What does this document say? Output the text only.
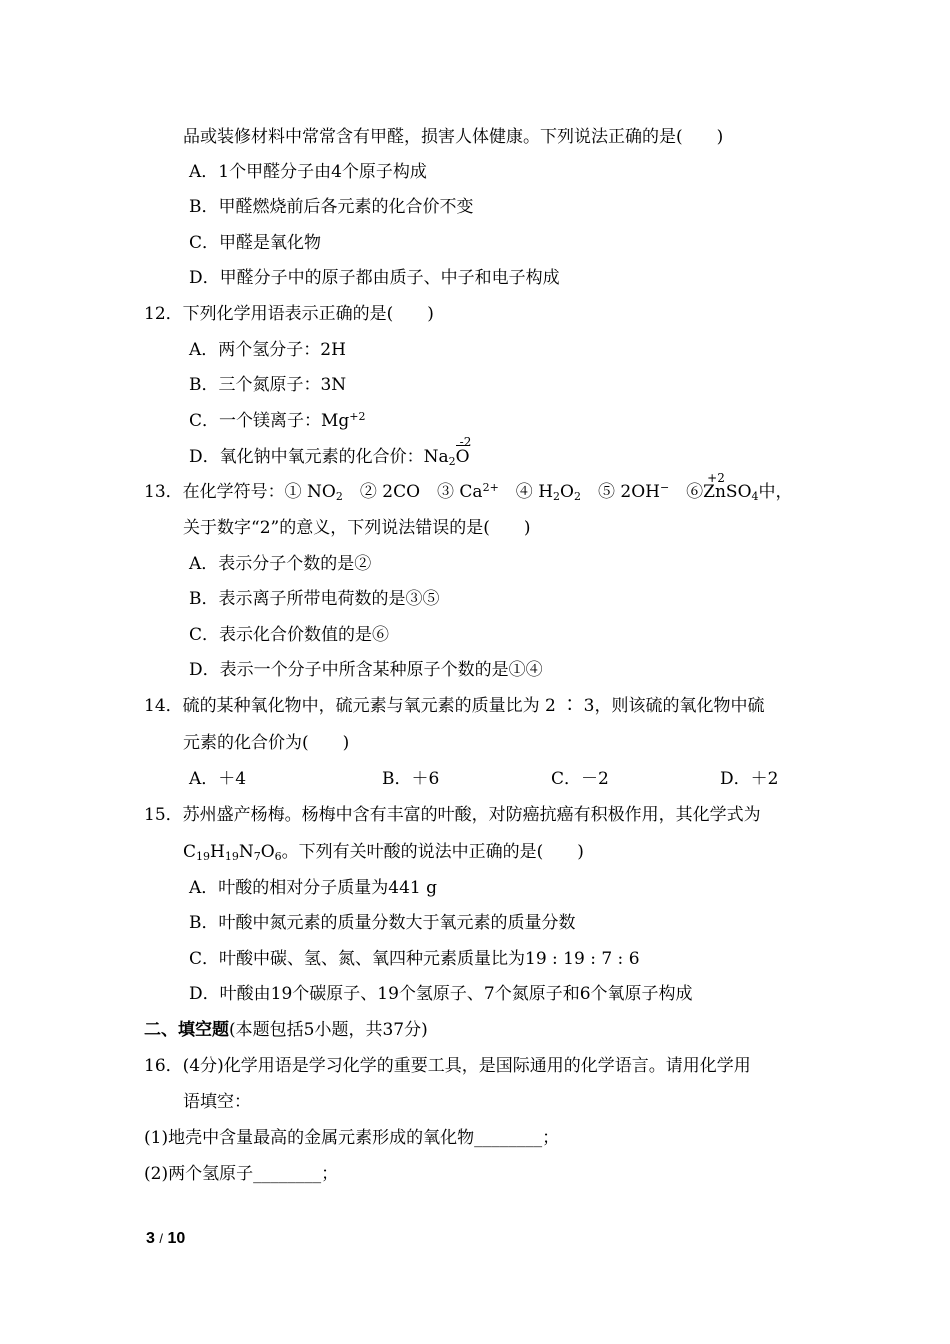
品或装修材料中常常含有甲醛，损害人体健康。下列说法正确的是(　　)
A．1个甲醛分子由4个原子构成
B．甲醛燃烧前后各元素的化合价不变
C．甲醛是氧化物
D．甲醛分子中的原子都由质子、中子和电子构成
12．下列化学用语表示正确的是(　　)
A．两个氢分子：2H
B．三个氮原子：3N
C．一个镁离子：$Mg^{+2}$
D．氧化钠中氧元素的化合价：$Na_2$
-2
O
13．在化学符号：① $NO_2$　② 2CO　③ $Ca^{2+}$　④ $H_2O_2$　⑤ 2OH−　⑥
+2
ZnSO$_4$中，
关于数字“2”的意义，下列说法错误的是(　　)
A．表示分子个数的是②
B．表示离子所带电荷数的是③⑤
C．表示化合价数值的是⑥
D．表示一个分子中所含某种原子个数的是①④
14．硫的某种氧化物中，硫元素与氧元素的质量比为 2 ∶ 3，则该硫的氧化物中硫
元素的化合价为(　　)
A．＋4	B．＋6	C．－2	D．＋2
15．苏州盛产杨梅。杨梅中含有丰富的叶酸，对防癌抗癌有积极作用，其化学式为
$C_{19}H_{19}N_7O_6$。下列有关叶酸的说法中正确的是(　　)
A．叶酸的相对分子质量为441 g
B．叶酸中氮元素的质量分数大于氧元素的质量分数
C．叶酸中碳、氢、氮、氧四种元素质量比为19 : 19 : 7 : 6
D．叶酸由19个碳原子、19个氢原子、7个氮原子和6个氧原子构成
二、填空题(本题包括5小题，共37分)
16．(4分)化学用语是学习化学的重要工具，是国际通用的化学语言。请用化学用
语填空：
(1)地壳中含量最高的金属元素形成的氧化物________；
(2)两个氢原子________；
3 / 10
